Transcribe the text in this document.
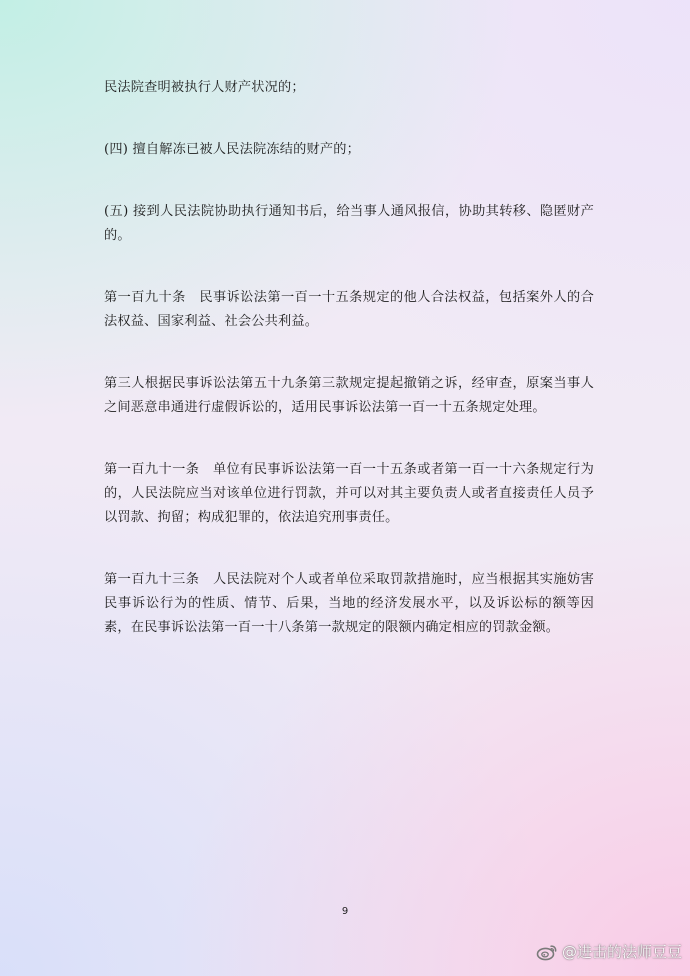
民法院查明被执行人财产状况的；

(四) 擅自解冻已被人民法院冻结的财产的；

(五) 接到人民法院协助执行通知书后，给当事人通风报信，协助其转移、隐匿财产的。

第一百九十条　民事诉讼法第一百一十五条规定的他人合法权益，包括案外人的合法权益、国家利益、社会公共利益。

第三人根据民事诉讼法第五十九条第三款规定提起撤销之诉，经审查，原案当事人之间恶意串通进行虚假诉讼的，适用民事诉讼法第一百一十五条规定处理。

第一百九十一条　单位有民事诉讼法第一百一十五条或者第一百一十六条规定行为的，人民法院应当对该单位进行罚款，并可以对其主要负责人或者直接责任人员予以罚款、拘留；构成犯罪的，依法追究刑事责任。

第一百九十三条　人民法院对个人或者单位采取罚款措施时，应当根据其实施妨害民事诉讼行为的性质、情节、后果，当地的经济发展水平，以及诉讼标的额等因素，在民事诉讼法第一百一十八条第一款规定的限额内确定相应的罚款金额。

9
@进击的法师豆豆
